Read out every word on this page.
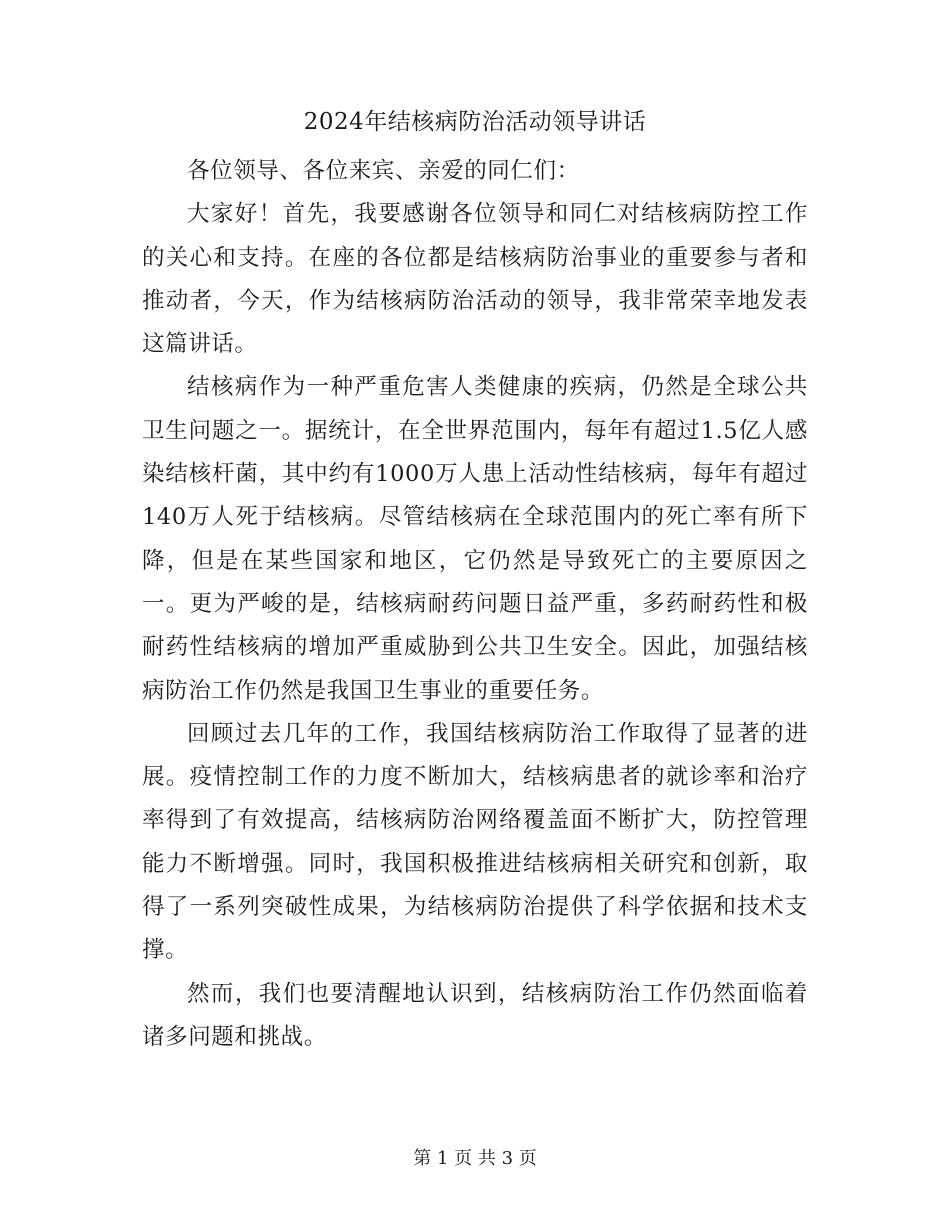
2024年结核病防治活动领导讲话

各位领导、各位来宾、亲爱的同仁们：

大家好！首先，我要感谢各位领导和同仁对结核病防控工作的关心和支持。在座的各位都是结核病防治事业的重要参与者和推动者，今天，作为结核病防治活动的领导，我非常荣幸地发表这篇讲话。

结核病作为一种严重危害人类健康的疾病，仍然是全球公共卫生问题之一。据统计，在全世界范围内，每年有超过1.5亿人感染结核杆菌，其中约有1000万人患上活动性结核病，每年有超过140万人死于结核病。尽管结核病在全球范围内的死亡率有所下降，但是在某些国家和地区，它仍然是导致死亡的主要原因之一。更为严峻的是，结核病耐药问题日益严重，多药耐药性和极耐药性结核病的增加严重威胁到公共卫生安全。因此，加强结核病防治工作仍然是我国卫生事业的重要任务。

回顾过去几年的工作，我国结核病防治工作取得了显著的进展。疫情控制工作的力度不断加大，结核病患者的就诊率和治疗率得到了有效提高，结核病防治网络覆盖面不断扩大，防控管理能力不断增强。同时，我国积极推进结核病相关研究和创新，取得了一系列突破性成果，为结核病防治提供了科学依据和技术支撑。

然而，我们也要清醒地认识到，结核病防治工作仍然面临着诸多问题和挑战。

第 1 页 共 3 页
